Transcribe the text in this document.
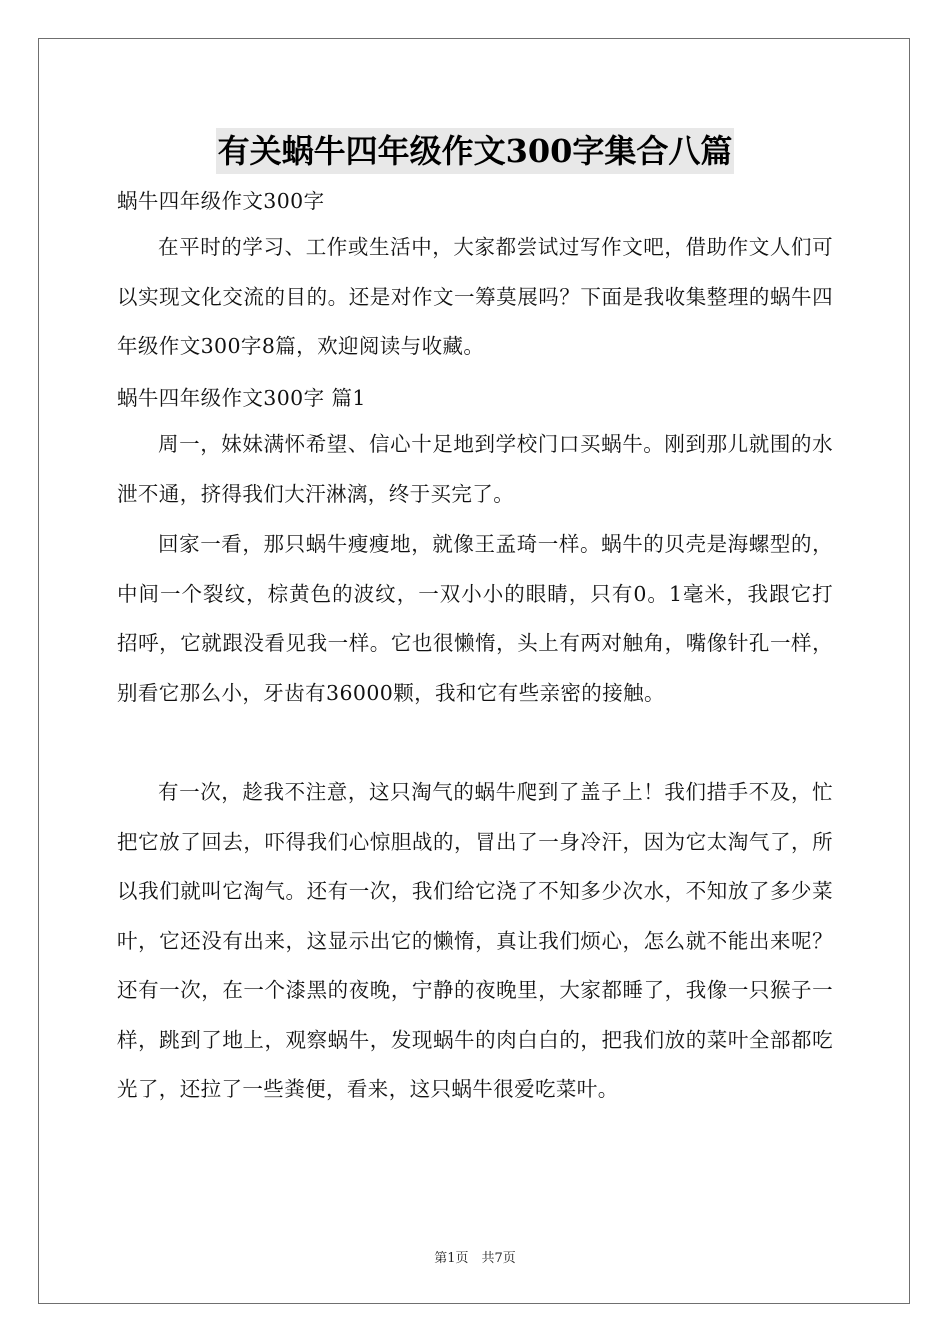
有关蜗牛四年级作文300字集合八篇

蜗牛四年级作文300字

在平时的学习、工作或生活中，大家都尝试过写作文吧，借助作文人们可以实现文化交流的目的。还是对作文一筹莫展吗？下面是我收集整理的蜗牛四年级作文300字8篇，欢迎阅读与收藏。

蜗牛四年级作文300字 篇1

周一，妹妹满怀希望、信心十足地到学校门口买蜗牛。刚到那儿就围的水泄不通，挤得我们大汗淋漓，终于买完了。

回家一看，那只蜗牛瘦瘦地，就像王孟琦一样。蜗牛的贝壳是海螺型的，中间一个裂纹，棕黄色的波纹，一双小小的眼睛，只有0。1毫米，我跟它打招呼，它就跟没看见我一样。它也很懒惰，头上有两对触角，嘴像针孔一样，别看它那么小，牙齿有36000颗，我和它有些亲密的接触。

有一次，趁我不注意，这只淘气的蜗牛爬到了盖子上！我们措手不及，忙把它放了回去，吓得我们心惊胆战的，冒出了一身冷汗，因为它太淘气了，所以我们就叫它淘气。还有一次，我们给它浇了不知多少次水，不知放了多少菜叶，它还没有出来，这显示出它的懒惰，真让我们烦心，怎么就不能出来呢？还有一次，在一个漆黑的夜晚，宁静的夜晚里，大家都睡了，我像一只猴子一样，跳到了地上，观察蜗牛，发现蜗牛的肉白白的，把我们放的菜叶全部都吃光了，还拉了一些粪便，看来，这只蜗牛很爱吃菜叶。

第1页　共7页
